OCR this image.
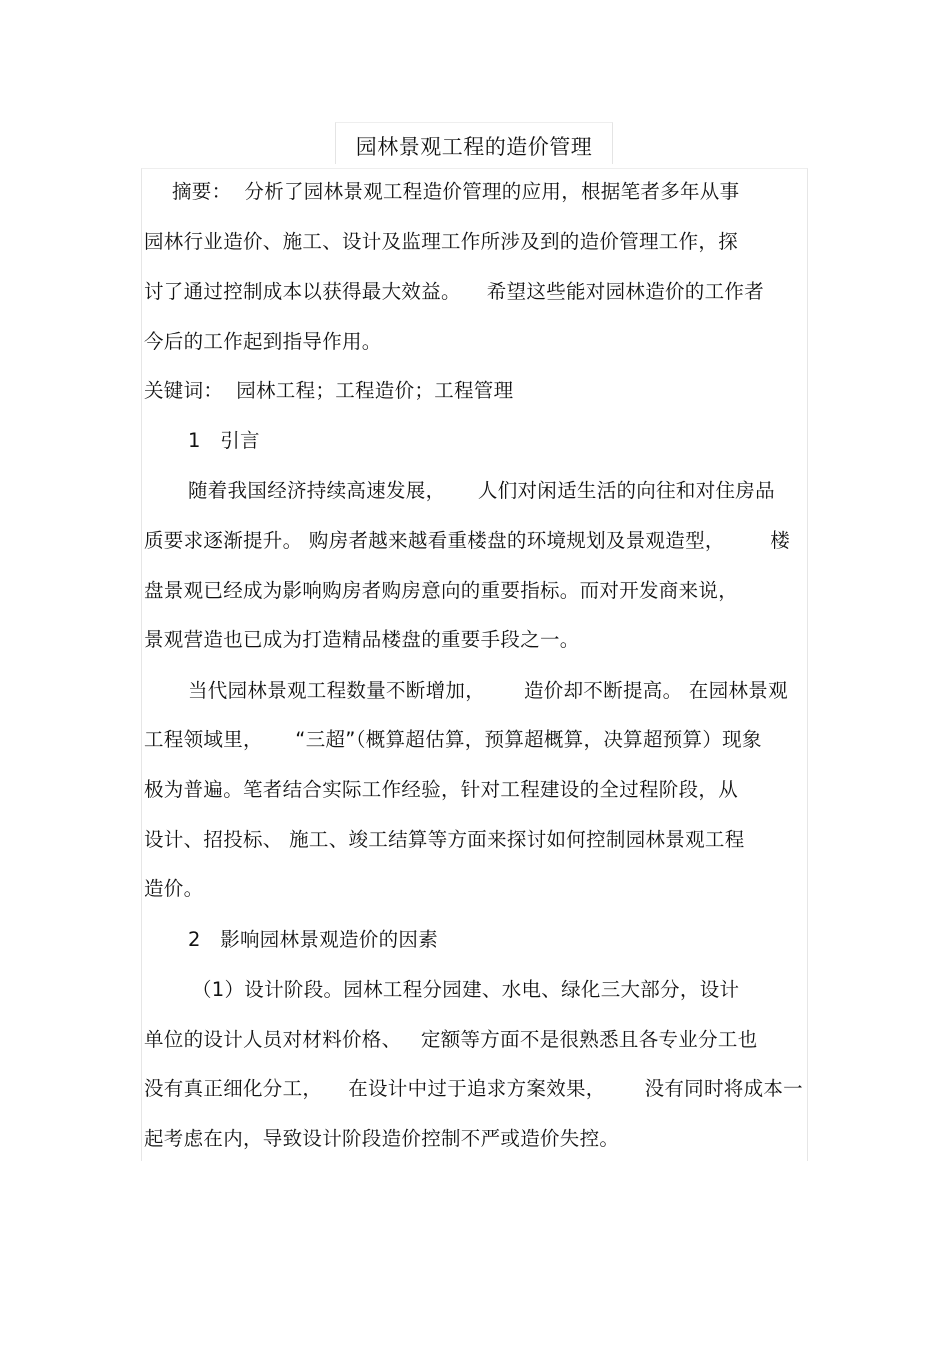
园林景观工程的造价管理
摘要：  分析了园林景观工程造价管理的应用，根据笔者多年从事
园林行业造价、施工、设计及监理工作所涉及到的造价管理工作，探
讨了通过控制成本以获得最大效益。    希望这些能对园林造价的工作者
今后的工作起到指导作用。
关键词：  园林工程；工程造价；工程管理
1   引言
随着我国经济持续高速发展，     人们对闲适生活的向往和对住房品
质要求逐渐提升。 购房者越来越看重楼盘的环境规划及景观造型，       楼
盘景观已经成为影响购房者购房意向的重要指标。而对开发商来说，
景观营造也已成为打造精品楼盘的重要手段之一。
当代园林景观工程数量不断增加，      造价却不断提高。 在园林景观
工程领域里，     “三超”（概算超估算，预算超概算，决算超预算）现象
极为普遍。笔者结合实际工作经验，针对工程建设的全过程阶段，从
设计、招投标、 施工、竣工结算等方面来探讨如何控制园林景观工程
造价。
2   影响园林景观造价的因素
（1）设计阶段。园林工程分园建、水电、绿化三大部分，设计
单位的设计人员对材料价格、   定额等方面不是很熟悉且各专业分工也
没有真正细化分工，    在设计中过于追求方案效果，      没有同时将成本一
起考虑在内，导致设计阶段造价控制不严或造价失控。
